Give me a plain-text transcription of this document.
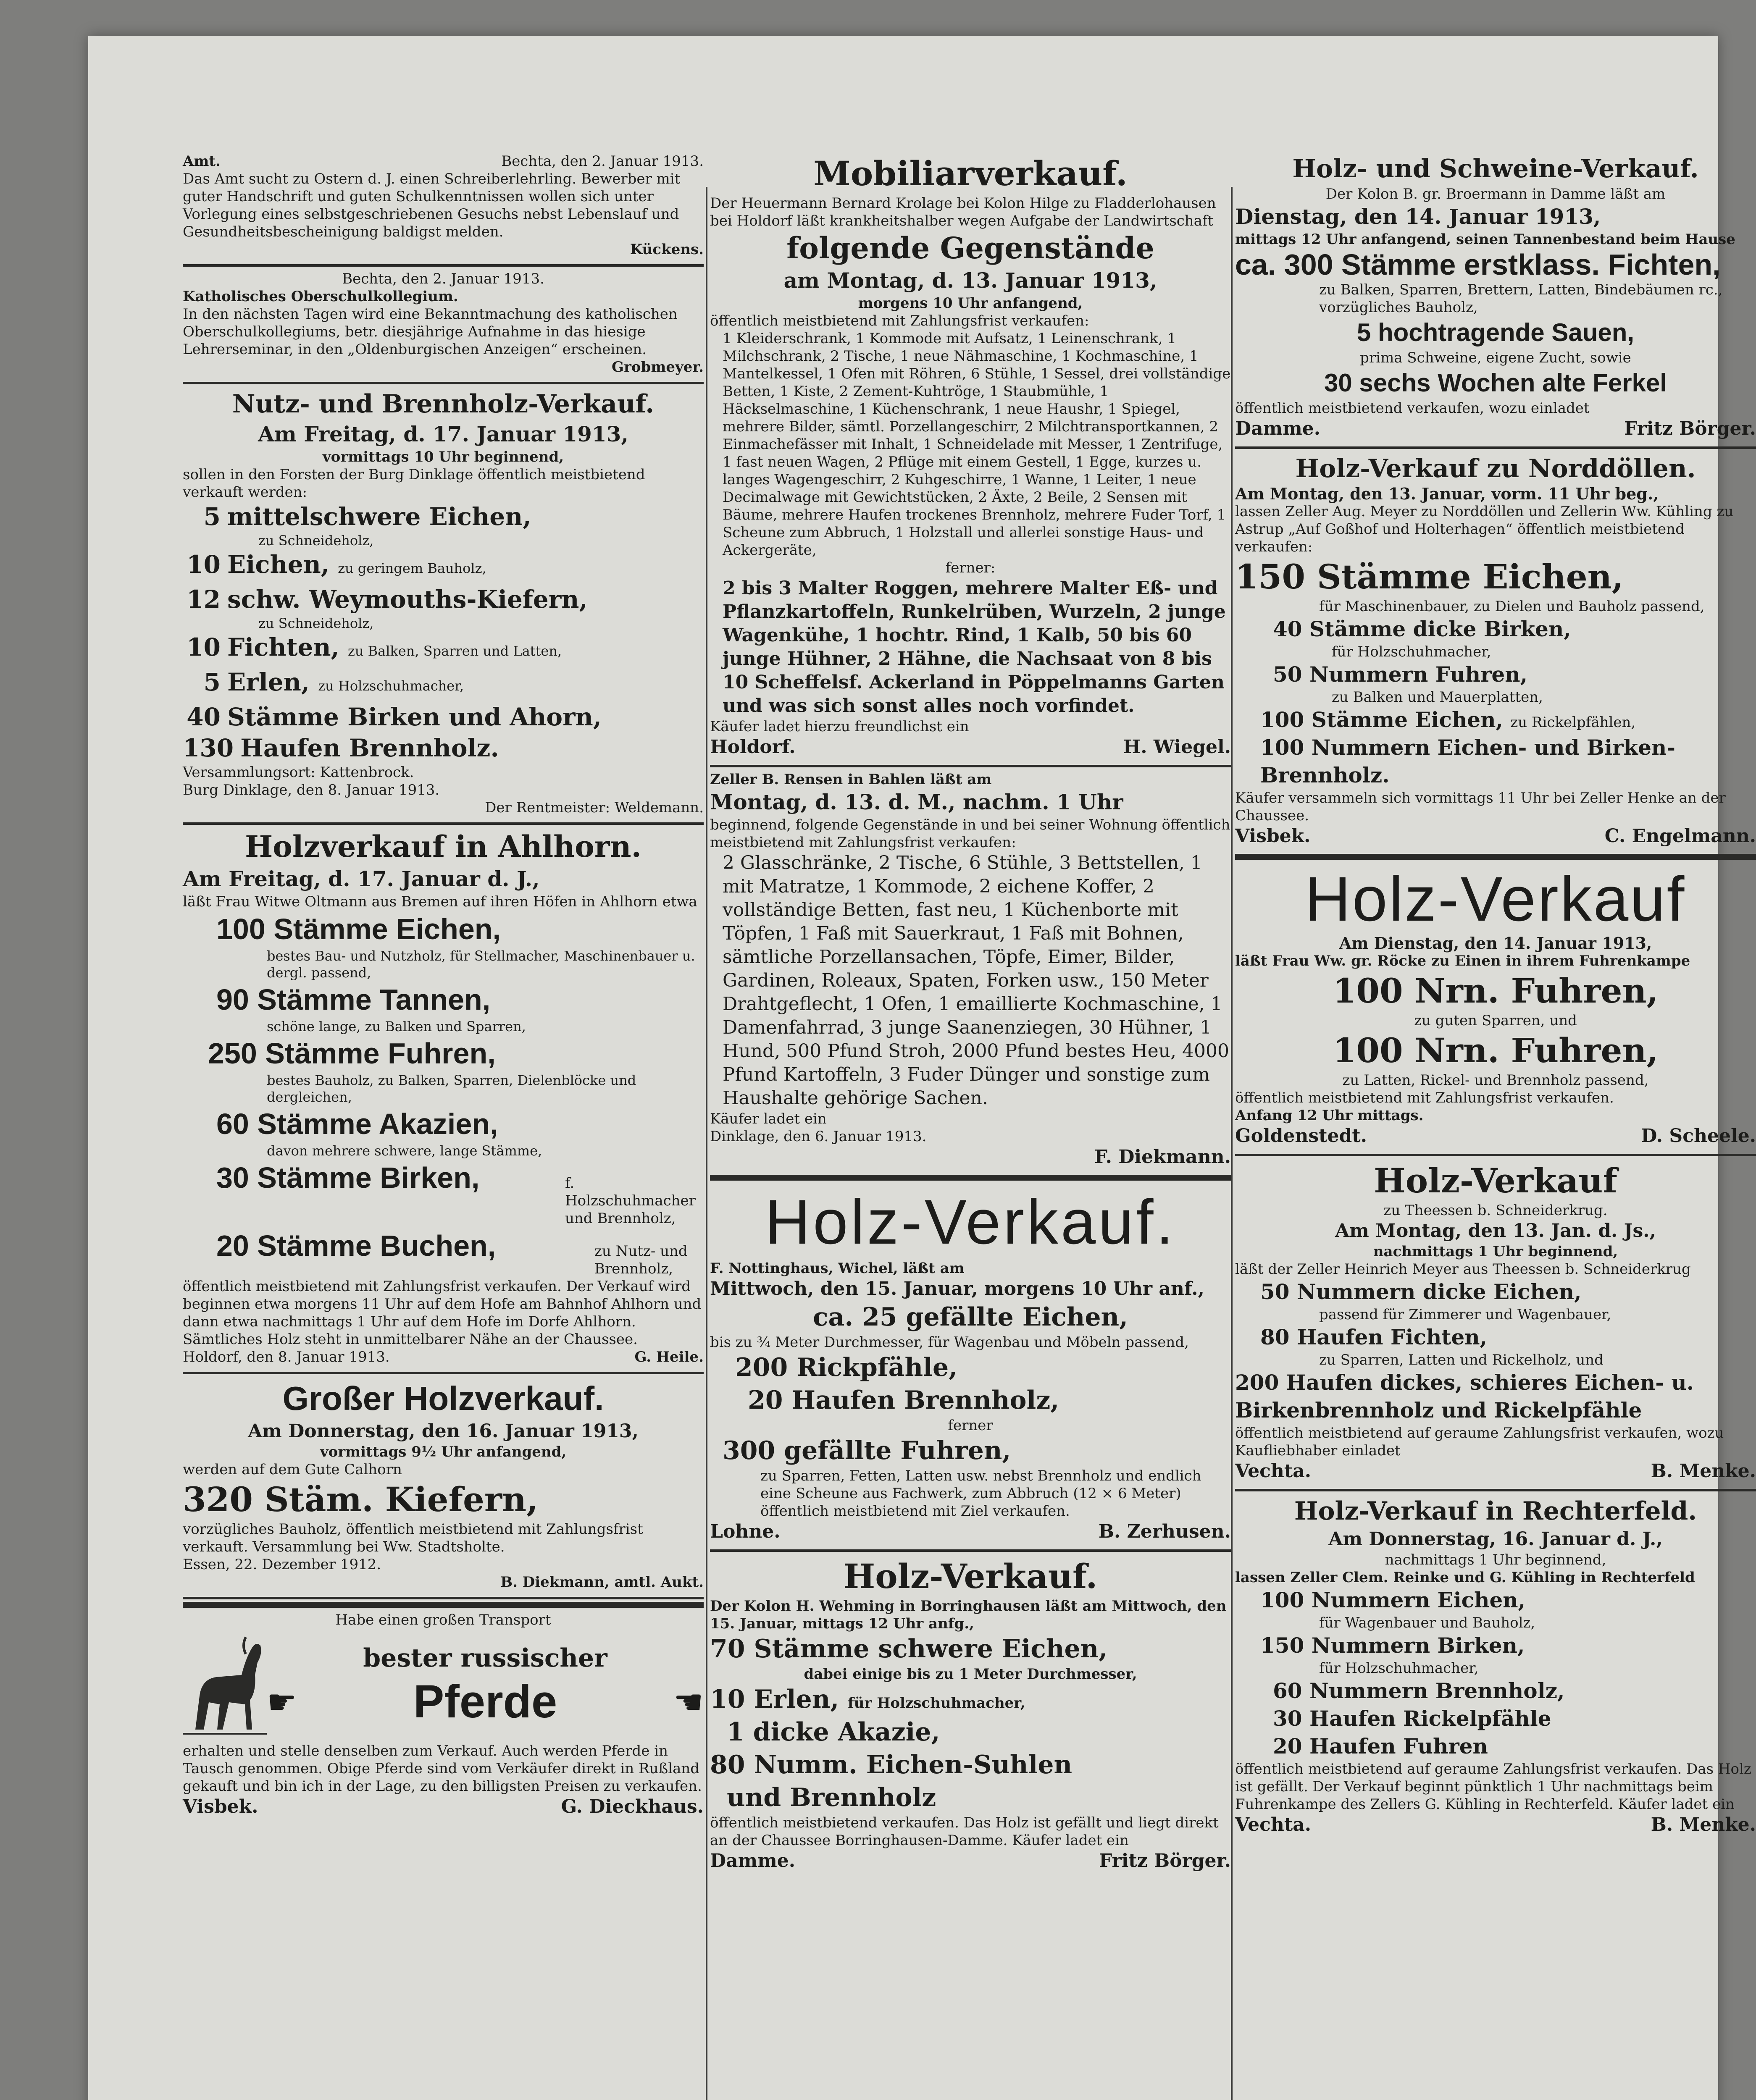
Amt.	Bechta, den 2. Januar 1913.

Das Amt sucht zu Ostern d. J. einen Schreiberlehrling. Bewerber mit guter Handschrift und guten Schulkenntnissen wollen sich unter Vorlegung eines selbstgeschriebenen Gesuchs nebst Lebenslauf und Gesundheitsbescheinigung baldigst melden.

Kückens.

Bechta, den 2. Januar 1913.

Katholisches Oberschulkollegium.

In den nächsten Tagen wird eine Bekanntmachung des katholischen Oberschulkollegiums, betr. diesjährige Aufnahme in das hiesige Lehrerseminar, in den „Oldenburgischen Anzeigen“ erscheinen.

Grobmeyer.

Nutz- und Brennholz-Verkauf.

Am Freitag, d. 17. Januar 1913,

vormittags 10 Uhr beginnend,

sollen in den Forsten der Burg Dinklage öffentlich meistbietend verkauft werden:

5 mittelschwere Eichen,

zu Schneideholz,

10 Eichen, zu geringem Bauholz,
12 schw. Weymouths-Kiefern,

zu Schneideholz,

10 Fichten, zu Balken, Sparren und Latten,
5 Erlen, zu Holzschuhmacher,
40 Stämme Birken und Ahorn,
130 Haufen Brennholz.

Versammlungsort: Kattenbrock.

Burg Dinklage, den 8. Januar 1913.

Der Rentmeister: Weldemann.

Holzverkauf in Ahlhorn.

Am Freitag, d. 17. Januar d. J.,

läßt Frau Witwe Oltmann aus Bremen auf ihren Höfen in Ahlhorn etwa

100 Stämme Eichen,

bestes Bau- und Nutzholz, für Stellmacher, Maschinenbauer u. dergl. passend,

90 Stämme Tannen,

schöne lange, zu Balken und Sparren,

250 Stämme Fuhren,

bestes Bauholz, zu Balken, Sparren, Dielenblöcke und dergleichen,

60 Stämme Akazien,

davon mehrere schwere, lange Stämme,

30 Stämme Birken,	f. Holzschuhmacher und Brennholz,
20 Stämme Buchen,	zu Nutz- und Brennholz,

öffentlich meistbietend mit Zahlungsfrist verkaufen. Der Verkauf wird beginnen etwa morgens 11 Uhr auf dem Hofe am Bahnhof Ahlhorn und dann etwa nachmittags 1 Uhr auf dem Hofe im Dorfe Ahlhorn. Sämtliches Holz steht in unmittelbarer Nähe an der Chaussee.

Holdorf, den 8. Januar 1913.	G. Heile.

Großer Holzverkauf.

Am Donnerstag, den 16. Januar 1913,

vormittags 9½ Uhr anfangend,

werden auf dem Gute Calhorn

320 Stäm. Kiefern,

vorzügliches Bauholz, öffentlich meistbietend mit Zahlungsfrist verkauft. Versammlung bei Ww. Stadtsholte.

Essen, 22. Dezember 1912.

B. Diekmann, amtl. Aukt.

Habe einen großen Transport

bester russischer

☛	Pferde	☛

erhalten und stelle denselben zum Verkauf. Auch werden Pferde in Tausch genommen. Obige Pferde sind vom Verkäufer direkt in Rußland gekauft und bin ich in der Lage, zu den billigsten Preisen zu verkaufen.

Visbek.	G. Dieckhaus.

Mobiliarverkauf.

Der Heuermann Bernard Krolage bei Kolon Hilge zu Fladderlohausen bei Holdorf läßt krankheitshalber wegen Aufgabe der Landwirtschaft

folgende Gegenstände

am Montag, d. 13. Januar 1913,

morgens 10 Uhr anfangend,

öffentlich meistbietend mit Zahlungsfrist verkaufen:

1 Kleiderschrank, 1 Kommode mit Aufsatz, 1 Leinenschrank, 1 Milchschrank, 2 Tische, 1 neue Nähmaschine, 1 Kochmaschine, 1 Mantelkessel, 1 Ofen mit Röhren, 6 Stühle, 1 Sessel, drei vollständige Betten, 1 Kiste, 2 Zement-Kuhtröge, 1 Staubmühle, 1 Häckselmaschine, 1 Küchenschrank, 1 neue Haushr, 1 Spiegel, mehrere Bilder, sämtl. Porzellangeschirr, 2 Milchtransportkannen, 2 Einmachefässer mit Inhalt, 1 Schneidelade mit Messer, 1 Zentrifuge, 1 fast neuen Wagen, 2 Pflüge mit einem Gestell, 1 Egge, kurzes u. langes Wagengeschirr, 2 Kuhgeschirre, 1 Wanne, 1 Leiter, 1 neue Decimalwage mit Gewichtstücken, 2 Äxte, 2 Beile, 2 Sensen mit Bäume, mehrere Haufen trockenes Brennholz, mehrere Fuder Torf, 1 Scheune zum Abbruch, 1 Holzstall und allerlei sonstige Haus- und Ackergeräte,

ferner:

2 bis 3 Malter Roggen, mehrere Malter Eß- und Pflanzkartoffeln, Runkelrüben, Wurzeln, 2 junge Wagenkühe, 1 hochtr. Rind, 1 Kalb, 50 bis 60 junge Hühner, 2 Hähne, die Nachsaat von 8 bis 10 Scheffelsf. Ackerland in Pöppelmanns Garten und was sich sonst alles noch vorfindet.

Käufer ladet hierzu freundlichst ein

Holdorf.	H. Wiegel.

Zeller B. Rensen in Bahlen läßt am

Montag, d. 13. d. M., nachm. 1 Uhr

beginnend, folgende Gegenstände in und bei seiner Wohnung öffentlich meistbietend mit Zahlungsfrist verkaufen:

2 Glasschränke, 2 Tische, 6 Stühle, 3 Bettstellen, 1 mit Matratze, 1 Kommode, 2 eichene Koffer, 2 vollständige Betten, fast neu, 1 Küchenborte mit Töpfen, 1 Faß mit Sauerkraut, 1 Faß mit Bohnen, sämtliche Porzellansachen, Töpfe, Eimer, Bilder, Gardinen, Roleaux, Spaten, Forken usw., 150 Meter Drahtgeflecht, 1 Ofen, 1 emaillierte Kochmaschine, 1 Damenfahrrad, 3 junge Saanenziegen, 30 Hühner, 1 Hund, 500 Pfund Stroh, 2000 Pfund bestes Heu, 4000 Pfund Kartoffeln, 3 Fuder Dünger und sonstige zum Haushalte gehörige Sachen.

Käufer ladet ein

Dinklage, den 6. Januar 1913.

F. Diekmann.

Holz-Verkauf.

F. Nottinghaus, Wichel, läßt am

Mittwoch, den 15. Januar, morgens 10 Uhr anf.,

ca. 25 gefällte Eichen,

bis zu ¾ Meter Durchmesser, für Wagenbau und Möbeln passend,

200 Rickpfähle,

20 Haufen Brennholz,

ferner

300 gefällte Fuhren,

zu Sparren, Fetten, Latten usw. nebst Brennholz und endlich eine Scheune aus Fachwerk, zum Abbruch (12 × 6 Meter) öffentlich meistbietend mit Ziel verkaufen.

Lohne.	B. Zerhusen.

Holz-Verkauf.

Der Kolon H. Wehming in Borringhausen läßt am Mittwoch, den 15. Januar, mittags 12 Uhr anfg.,

70 Stämme schwere Eichen,

dabei einige bis zu 1 Meter Durchmesser,

10 Erlen, für Holzschuhmacher,

1 dicke Akazie,

80 Numm. Eichen-Suhlen

und Brennholz

öffentlich meistbietend verkaufen. Das Holz ist gefällt und liegt direkt an der Chaussee Borringhausen-Damme. Käufer ladet ein

Damme.	Fritz Börger.

Holz- und Schweine-Verkauf.

Der Kolon B. gr. Broermann in Damme läßt am

Dienstag, den 14. Januar 1913,

mittags 12 Uhr anfangend, seinen Tannenbestand beim Hause

ca. 300 Stämme erstklass. Fichten,

zu Balken, Sparren, Brettern, Latten, Bindebäumen rc., vorzügliches Bauholz,

5 hochtragende Sauen,

prima Schweine, eigene Zucht, sowie

30 sechs Wochen alte Ferkel

öffentlich meistbietend verkaufen, wozu einladet

Damme.	Fritz Börger.

Holz-Verkauf zu Norddöllen.

Am Montag, den 13. Januar, vorm. 11 Uhr beg.,

lassen Zeller Aug. Meyer zu Norddöllen und Zellerin Ww. Kühling zu Astrup „Auf Goßhof und Holterhagen“ öffentlich meistbietend verkaufen:

150 Stämme Eichen,

für Maschinenbauer, zu Dielen und Bauholz passend,

40 Stämme dicke Birken,

für Holzschuhmacher,

50 Nummern Fuhren,

zu Balken und Mauerplatten,

100 Stämme Eichen, zu Rickelpfählen,

100 Nummern Eichen- und Birken-Brennholz.

Käufer versammeln sich vormittags 11 Uhr bei Zeller Henke an der Chaussee.

Visbek.	C. Engelmann.

Holz-Verkauf

Am Dienstag, den 14. Januar 1913,

läßt Frau Ww. gr. Röcke zu Einen in ihrem Fuhrenkampe

100 Nrn. Fuhren,

zu guten Sparren, und

100 Nrn. Fuhren,

zu Latten, Rickel- und Brennholz passend,

öffentlich meistbietend mit Zahlungsfrist verkaufen.

Anfang 12 Uhr mittags.

Goldenstedt.	D. Scheele.

Holz-Verkauf

zu Theessen b. Schneiderkrug.

Am Montag, den 13. Jan. d. Js.,

nachmittags 1 Uhr beginnend,

läßt der Zeller Heinrich Meyer aus Theessen b. Schneiderkrug

50 Nummern dicke Eichen,

passend für Zimmerer und Wagenbauer,

80 Haufen Fichten,

zu Sparren, Latten und Rickelholz, und

200 Haufen dickes, schieres Eichen- u. Birkenbrennholz und Rickelpfähle

öffentlich meistbietend auf geraume Zahlungsfrist verkaufen, wozu Kaufliebhaber einladet

Vechta.	B. Menke.

Holz-Verkauf in Rechterfeld.

Am Donnerstag, 16. Januar d. J.,

nachmittags 1 Uhr beginnend,

lassen Zeller Clem. Reinke und G. Kühling in Rechterfeld

100 Nummern Eichen,

für Wagenbauer und Bauholz,

150 Nummern Birken,

für Holzschuhmacher,

60 Nummern Brennholz,

30 Haufen Rickelpfähle

20 Haufen Fuhren

öffentlich meistbietend auf geraume Zahlungsfrist verkaufen. Das Holz ist gefällt. Der Verkauf beginnt pünktlich 1 Uhr nachmittags beim Fuhrenkampe des Zellers G. Kühling in Rechterfeld. Käufer ladet ein

Vechta.	B. Menke.
